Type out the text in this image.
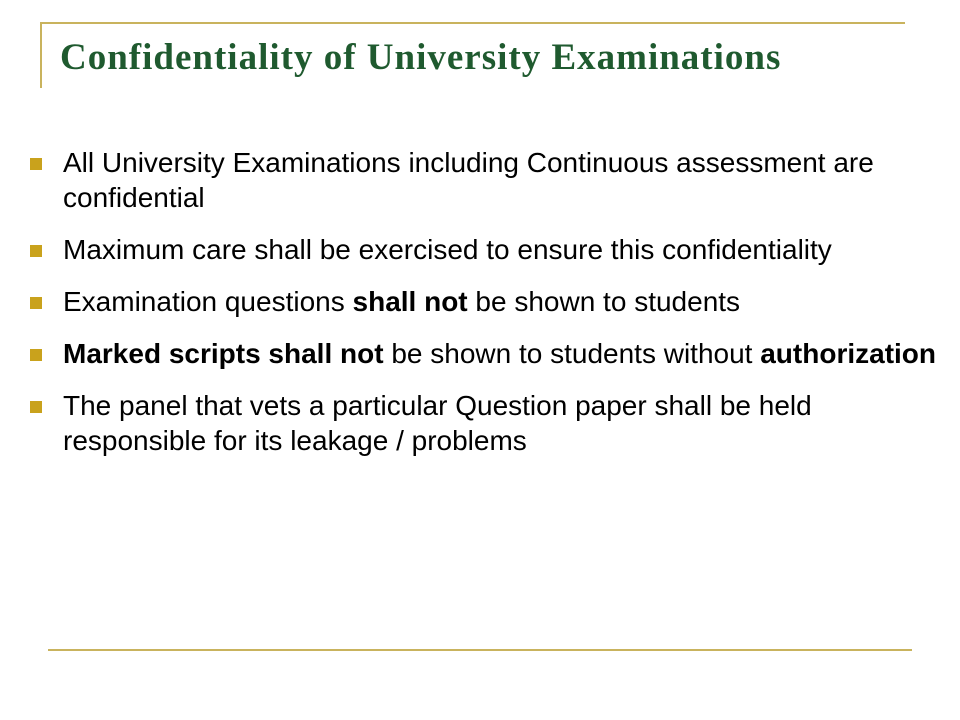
Confidentiality of University Examinations
All University Examinations including Continuous assessment are confidential
Maximum care shall be exercised to ensure this confidentiality
Examination questions shall not be shown to students
Marked scripts shall not be shown to students without authorization
The panel that vets a particular Question paper shall be held responsible for its leakage / problems
